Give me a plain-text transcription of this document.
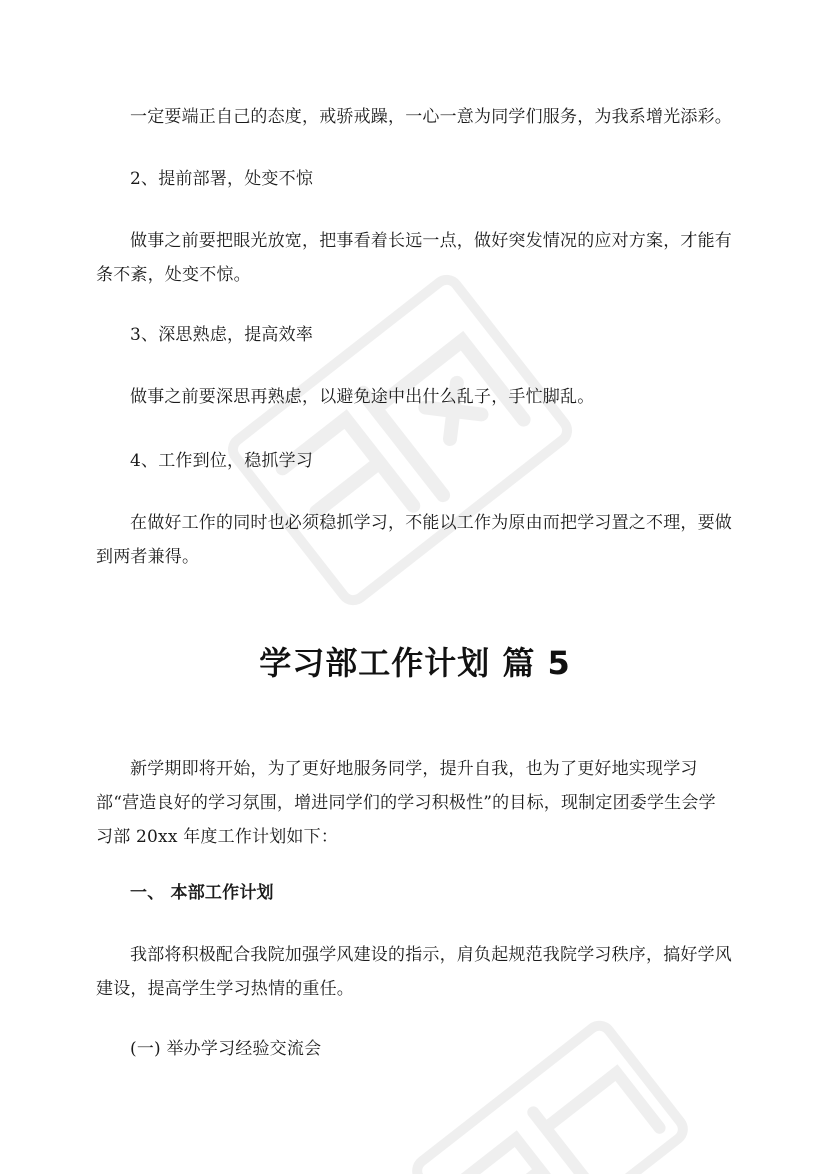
一定要端正自己的态度，戒骄戒躁，一心一意为同学们服务，为我系增光添彩。

2、提前部署，处变不惊

做事之前要把眼光放宽，把事看着长远一点，做好突发情况的应对方案，才能有条不紊，处变不惊。

3、深思熟虑，提高效率

做事之前要深思再熟虑，以避免途中出什么乱子，手忙脚乱。

4、工作到位，稳抓学习

在做好工作的同时也必须稳抓学习，不能以工作为原由而把学习置之不理，要做到两者兼得。

学习部工作计划 篇 5

新学期即将开始，为了更好地服务同学，提升自我，也为了更好地实现学习部“营造良好的学习氛围，增进同学们的学习积极性”的目标，现制定团委学生会学习部 20xx 年度工作计划如下：

一、 本部工作计划

我部将积极配合我院加强学风建设的指示，肩负起规范我院学习秩序，搞好学风建设，提高学生学习热情的重任。

(一) 举办学习经验交流会
